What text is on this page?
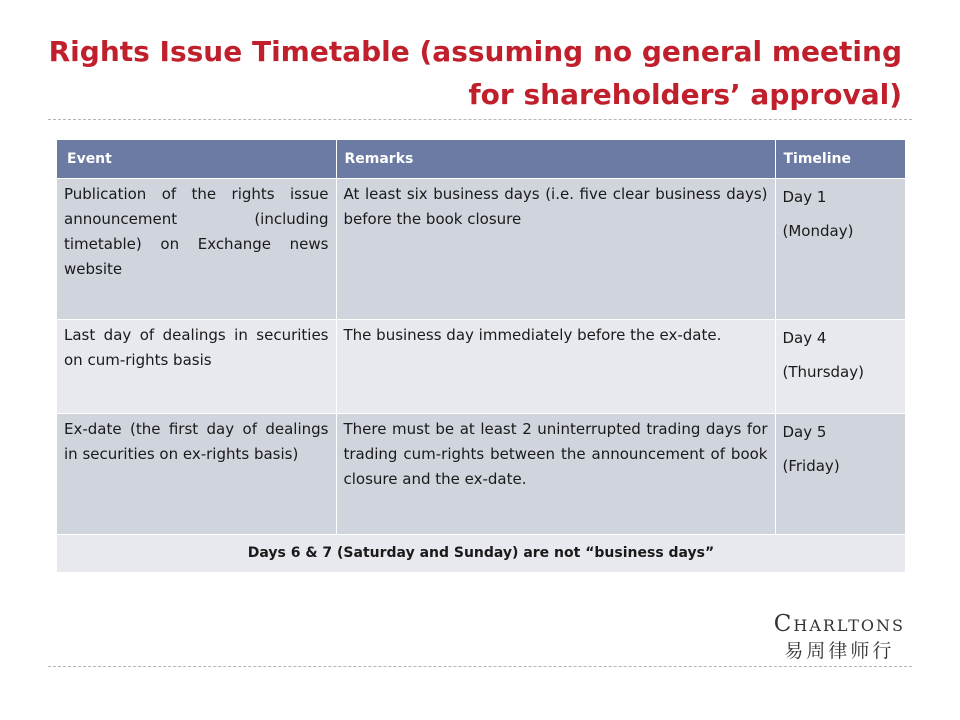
Rights Issue Timetable (assuming no general meeting
for shareholders’ approval)
Event	Remarks	Timeline
Publication of the rights issue announcement (including timetable) on Exchange news website	At least six business days (i.e. five clear business days) before the book closure	Day 1
(Monday)

Last day of dealings in securities on cum-rights basis	The business day immediately before the ex-date.	Day 4
(Thursday)

Ex-date (the first day of dealings in securities on ex-rights basis)	There must be at least 2 uninterrupted trading days for trading cum-rights between the announcement of book closure and the ex-date.	Day 5
(Friday)

Days 6 & 7 (Saturday and Sunday) are not “business days”		
Charltons
易周律师行
